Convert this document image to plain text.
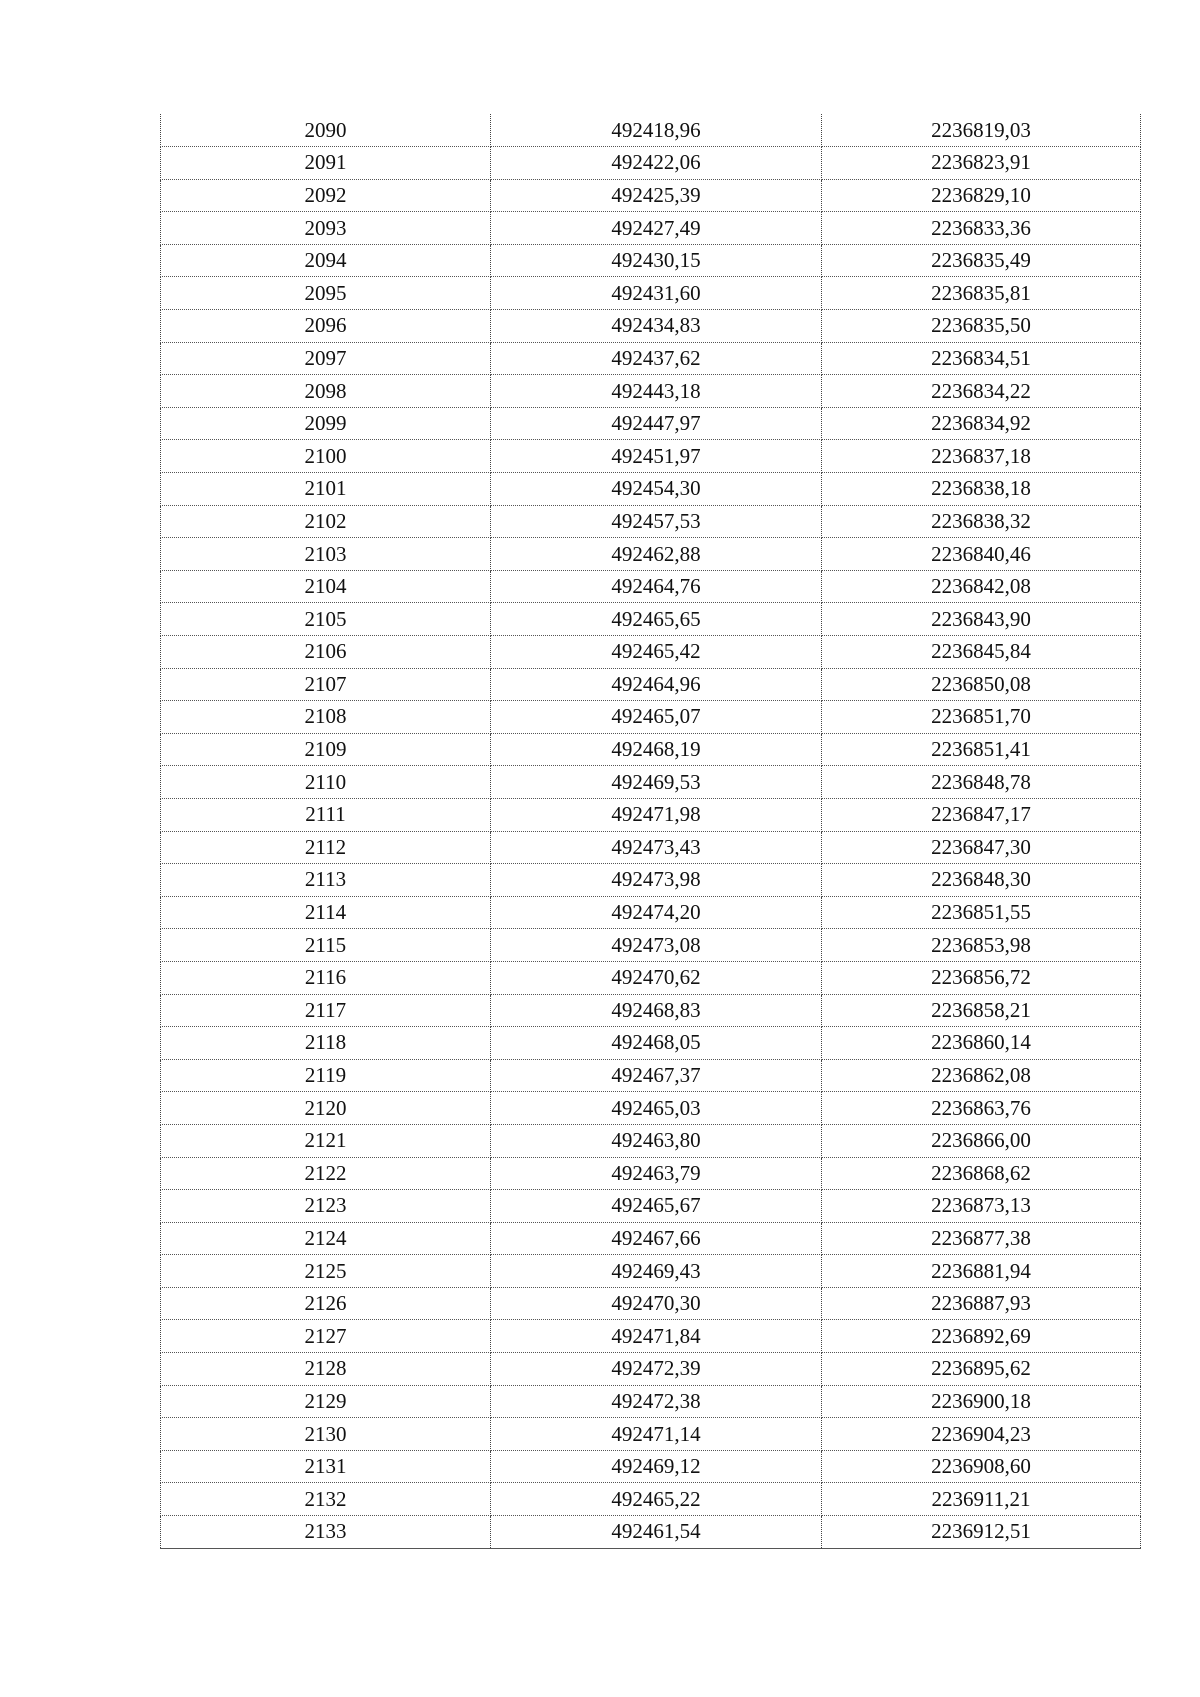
2090	492418,96	2236819,03
2091	492422,06	2236823,91
2092	492425,39	2236829,10
2093	492427,49	2236833,36
2094	492430,15	2236835,49
2095	492431,60	2236835,81
2096	492434,83	2236835,50
2097	492437,62	2236834,51
2098	492443,18	2236834,22
2099	492447,97	2236834,92
2100	492451,97	2236837,18
2101	492454,30	2236838,18
2102	492457,53	2236838,32
2103	492462,88	2236840,46
2104	492464,76	2236842,08
2105	492465,65	2236843,90
2106	492465,42	2236845,84
2107	492464,96	2236850,08
2108	492465,07	2236851,70
2109	492468,19	2236851,41
2110	492469,53	2236848,78
2111	492471,98	2236847,17
2112	492473,43	2236847,30
2113	492473,98	2236848,30
2114	492474,20	2236851,55
2115	492473,08	2236853,98
2116	492470,62	2236856,72
2117	492468,83	2236858,21
2118	492468,05	2236860,14
2119	492467,37	2236862,08
2120	492465,03	2236863,76
2121	492463,80	2236866,00
2122	492463,79	2236868,62
2123	492465,67	2236873,13
2124	492467,66	2236877,38
2125	492469,43	2236881,94
2126	492470,30	2236887,93
2127	492471,84	2236892,69
2128	492472,39	2236895,62
2129	492472,38	2236900,18
2130	492471,14	2236904,23
2131	492469,12	2236908,60
2132	492465,22	2236911,21
2133	492461,54	2236912,51
